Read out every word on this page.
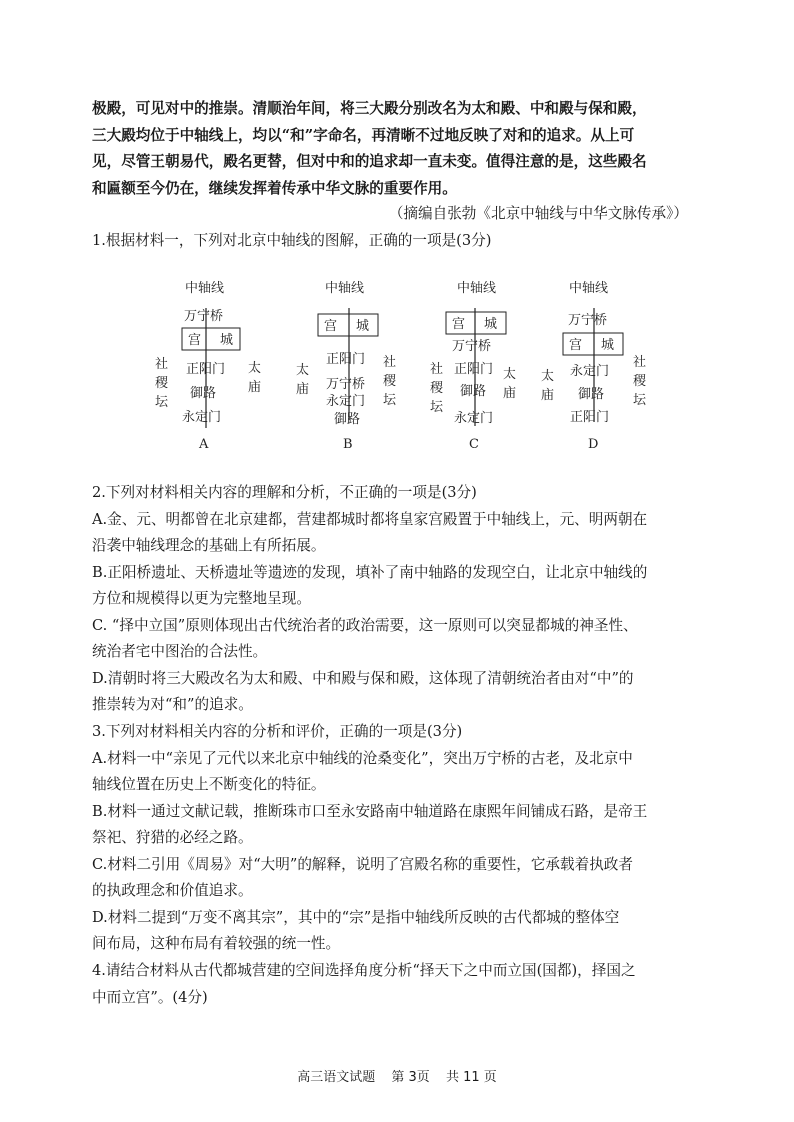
极殿，可见对中的推崇。清顺治年间，将三大殿分别改名为太和殿、中和殿与保和殿，
三大殿均位于中轴线上，均以“和”字命名，再清晰不过地反映了对和的追求。从上可
见，尽管王朝易代，殿名更替，但对中和的追求却一直未变。值得注意的是，这些殿名
和匾额至今仍在，继续发挥着传承中华文脉的重要作用。
（摘编自张勃《北京中轴线与中华文脉传承》）
1.根据材料一，下列对北京中轴线的图解，正确的一项是(3分)
中轴线
万宁桥
宫 城
正阳门
御路
永定门
社
稷
坛
太
庙
A
中轴线
宫 城
正阳门
万宁桥
永定门
御路
太
庙
社
稷
坛
B
中轴线
宫 城
万宁桥
正阳门
御路
永定门
社
稷
坛
太
庙
C
中轴线
万宁桥
宫 城
永定门
御路
正阳门
太
庙
社
稷
坛
D
2.下列对材料相关内容的理解和分析，不正确的一项是(3分)
A.金、元、明都曾在北京建都，营建都城时都将皇家宫殿置于中轴线上，元、明两朝在
沿袭中轴线理念的基础上有所拓展。
B.正阳桥遗址、天桥遗址等遗迹的发现，填补了南中轴路的发现空白，让北京中轴线的
方位和规模得以更为完整地呈现。
C. “择中立国”原则体现出古代统治者的政治需要，这一原则可以突显都城的神圣性、
统治者宅中图治的合法性。
D.清朝时将三大殿改名为太和殿、中和殿与保和殿，这体现了清朝统治者由对“中”的
推崇转为对“和”的追求。
3.下列对材料相关内容的分析和评价，正确的一项是(3分)
A.材料一中“亲见了元代以来北京中轴线的沧桑变化”，突出万宁桥的古老，及北京中
轴线位置在历史上不断变化的特征。
B.材料一通过文献记载，推断珠市口至永安路南中轴道路在康熙年间铺成石路，是帝王
祭祀、狩猎的必经之路。
C.材料二引用《周易》对“大明”的解释，说明了宫殿名称的重要性，它承载着执政者
的执政理念和价值追求。
D.材料二提到“万变不离其宗”，其中的“宗”是指中轴线所反映的古代都城的整体空
间布局，这种布局有着较强的统一性。
4.请结合材料从古代都城营建的空间选择角度分析“择天下之中而立国(国都)，择国之
中而立宫”。(4分)
高三语文试题 第 3页 共 11 页
